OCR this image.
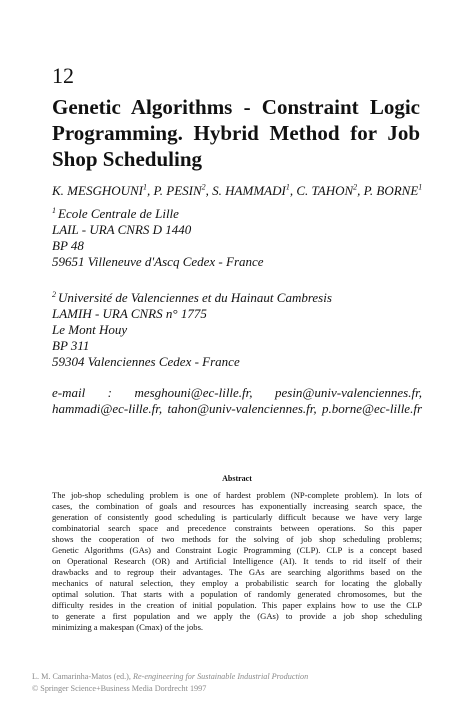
12
Genetic Algorithms - Constraint Logic
Programming. Hybrid Method for Job
Shop Scheduling
K. MESGHOUNI$^1$, P. PESIN$^2$, S. HAMMADI$^1$, C. TAHON$^2$, P. BORNE$^1$
$^1$ Ecole Centrale de Lille
LAIL - URA CNRS D 1440
BP 48
59651 Villeneuve d'Ascq Cedex - France
$^2$ Université de Valenciennes et du Hainaut Cambresis
LAMIH - URA CNRS n° 1775
Le Mont Houy
BP 311
59304 Valenciennes Cedex - France
e-mail : mesghouni@ec-lille.fr, pesin@univ-valenciennes.fr,
hammadi@ec-lille.fr, tahon@univ-valenciennes.fr, p.borne@ec-lille.fr
Abstract
The job-shop scheduling problem is one of hardest problem (NP-complete problem). In lots of
cases, the combination of goals and resources has exponentially increasing search space, the
generation of consistently good scheduling is particularly difficult because we have very large
combinatorial search space and precedence constraints between operations. So this paper
shows the cooperation of two methods for the solving of job shop scheduling problems;
Genetic Algorithms (GAs) and Constraint Logic Programming (CLP). CLP is a concept based
on Operational Research (OR) and Artificial Intelligence (AI). It tends to rid itself of their
drawbacks and to regroup their advantages. The GAs are searching algorithms based on the
mechanics of natural selection, they employ a probabilistic search for locating the globally
optimal solution. That starts with a population of randomly generated chromosomes, but the
difficulty resides in the creation of initial population. This paper explains how to use the CLP
to generate a first population and we apply the (GAs) to provide a job shop scheduling
minimizing a makespan (Cmax) of the jobs.
L. M. Camarinha-Matos (ed.), Re-engineering for Sustainable Industrial Production
© Springer Science+Business Media Dordrecht 1997
